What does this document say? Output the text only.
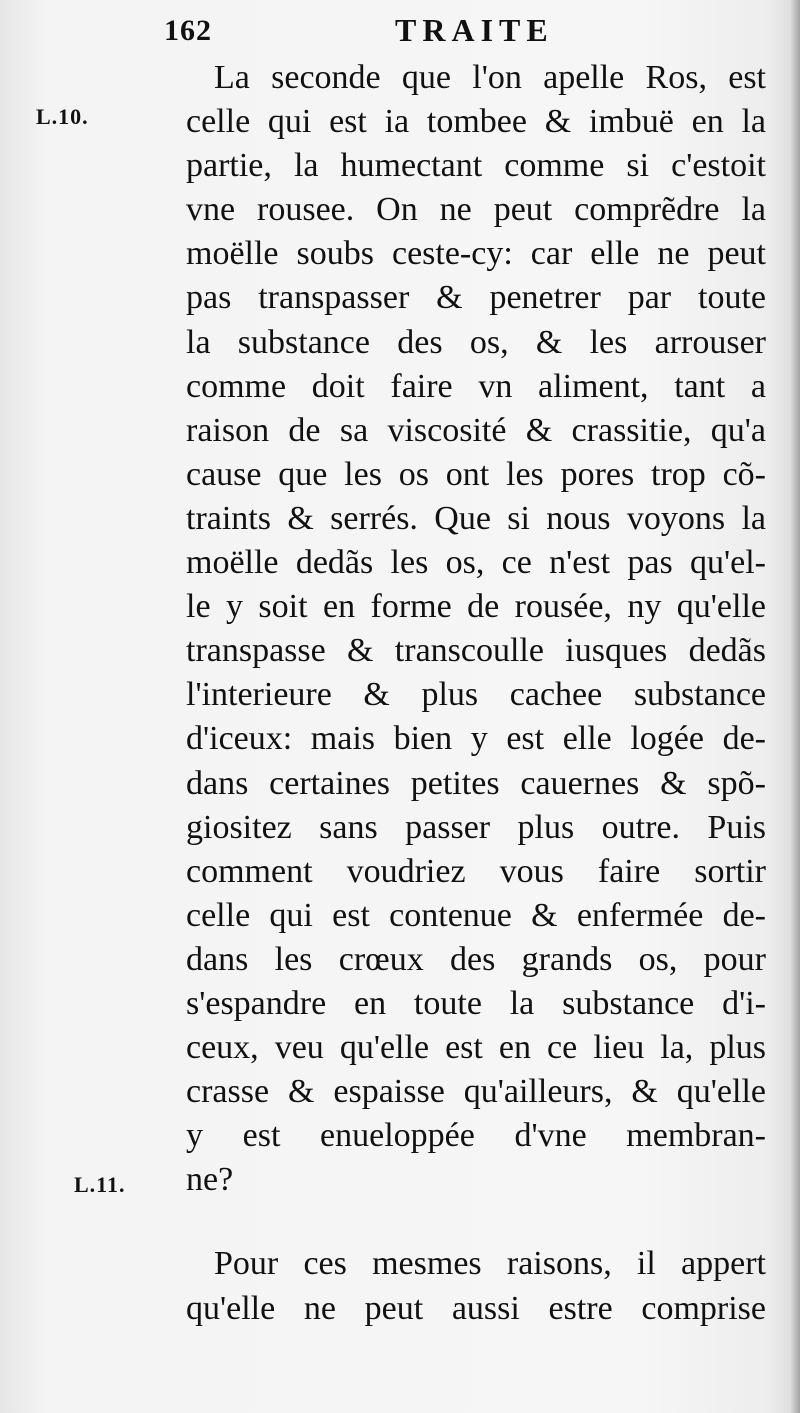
162	TRAITE
L.10.
L.11.
La seconde que l'on apelle Ros, est
celle qui est ia tombee & imbuë en la
partie, la humectant comme si c'estoit
vne rousee. On ne peut comprẽdre la
moëlle soubs ceste-cy: car elle ne peut
pas transpasser & penetrer par toute
la substance des os, & les arrouser
comme doit faire vn aliment, tant a
raison de sa viscosité & crassitie, qu'a
cause que les os ont les pores trop cõ-
traints & serrés. Que si nous voyons la
moëlle dedãs les os, ce n'est pas qu'el-
le y soit en forme de rousée, ny qu'elle
transpasse & transcoulle iusques dedãs
l'interieure & plus cachee substance
d'iceux: mais bien y est elle logée de-
dans certaines petites cauernes & spõ-
giositez sans passer plus outre. Puis
comment voudriez vous faire sortir
celle qui est contenue & enfermée de-
dans les crœux des grands os, pour
s'espandre en toute la substance d'i-
ceux, veu qu'elle est en ce lieu la, plus
crasse & espaisse qu'ailleurs, & qu'elle
y est enueloppée d'vne membran-
ne?
Pour ces mesmes raisons, il appert
qu'elle ne peut aussi estre comprise
